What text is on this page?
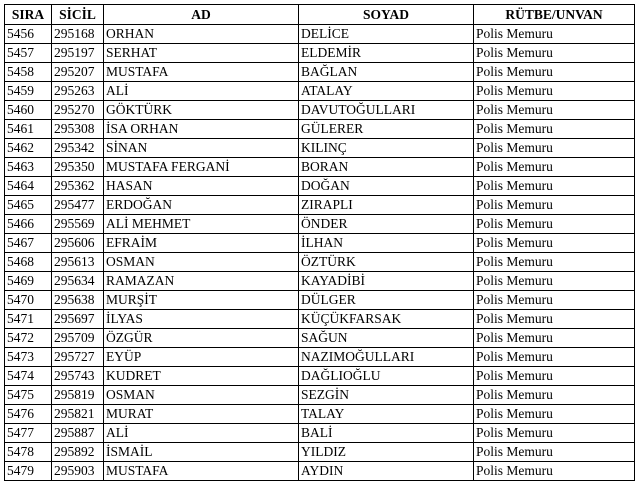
SIRA	SİCİL	AD	SOYAD	RÜTBE/UNVAN
5456	295168	ORHAN	DELİCE	Polis Memuru
5457	295197	SERHAT	ELDEMİR	Polis Memuru
5458	295207	MUSTAFA	BAĞLAN	Polis Memuru
5459	295263	ALİ	ATALAY	Polis Memuru
5460	295270	GÖKTÜRK	DAVUTOĞULLARI	Polis Memuru
5461	295308	İSA ORHAN	GÜLERER	Polis Memuru
5462	295342	SİNAN	KILINÇ	Polis Memuru
5463	295350	MUSTAFA FERGANİ	BORAN	Polis Memuru
5464	295362	HASAN	DOĞAN	Polis Memuru
5465	295477	ERDOĞAN	ZIRAPLI	Polis Memuru
5466	295569	ALİ MEHMET	ÖNDER	Polis Memuru
5467	295606	EFRAİM	İLHAN	Polis Memuru
5468	295613	OSMAN	ÖZTÜRK	Polis Memuru
5469	295634	RAMAZAN	KAYADİBİ	Polis Memuru
5470	295638	MURŞİT	DÜLGER	Polis Memuru
5471	295697	İLYAS	KÜÇÜKFARSAK	Polis Memuru
5472	295709	ÖZGÜR	SAĞUN	Polis Memuru
5473	295727	EYÜP	NAZIMOĞULLARI	Polis Memuru
5474	295743	KUDRET	DAĞLIOĞLU	Polis Memuru
5475	295819	OSMAN	SEZGİN	Polis Memuru
5476	295821	MURAT	TALAY	Polis Memuru
5477	295887	ALİ	BALİ	Polis Memuru
5478	295892	İSMAİL	YILDIZ	Polis Memuru
5479	295903	MUSTAFA	AYDIN	Polis Memuru
